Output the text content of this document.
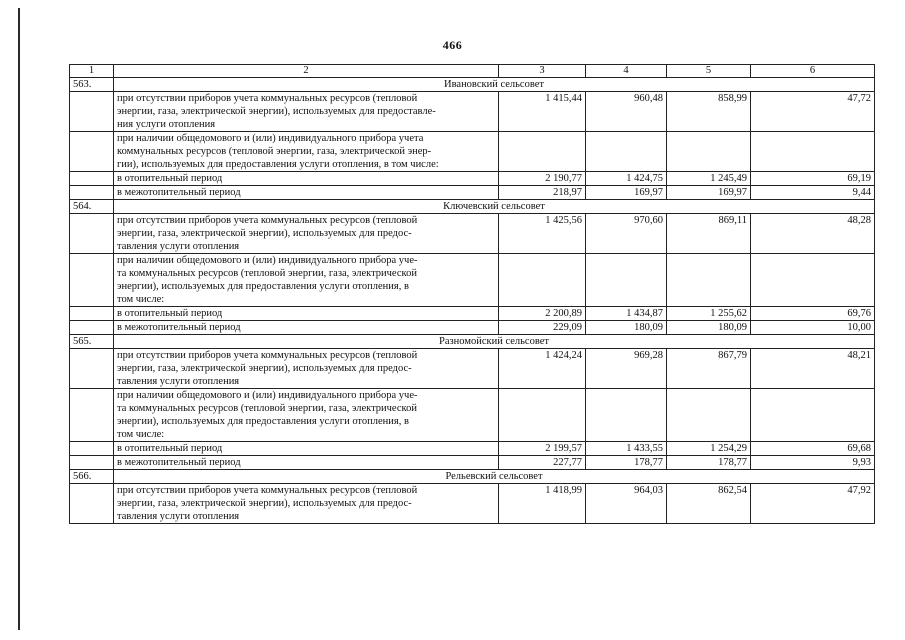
466
1	2	3	4	5	6
563.	Ивановский сельсовет				

	при отсутствии приборов учета коммунальных ресурсов (тепловой
энергии, газа, электрической энергии), используемых для предоставле-
ния услуги отопления	1 415,44	960,48	858,99	47,72

	при наличии общедомового и (или) индивидуального прибора учета
коммунальных ресурсов (тепловой энергии, газа, электрической энер-
гии), используемых для предоставления услуги отопления, в том числе:				

	в отопительный период	2 190,77	1 424,75	1 245,49	69,19

	в межотопительный период	218,97	169,97	169,97	9,44
564.	Ключевский сельсовет				

	при отсутствии приборов учета коммунальных ресурсов (тепловой
энергии, газа, электрической энергии), используемых для предос-
тавления услуги отопления	1 425,56	970,60	869,11	48,28

	при наличии общедомового и (или) индивидуального прибора уче-
та коммунальных ресурсов (тепловой энергии, газа, электрической
энергии), используемых для предоставления услуги отопления, в
том числе:				

	в отопительный период	2 200,89	1 434,87	1 255,62	69,76

	в межотопительный период	229,09	180,09	180,09	10,00
565.	Разномойский сельсовет				

	при отсутствии приборов учета коммунальных ресурсов (тепловой
энергии, газа, электрической энергии), используемых для предос-
тавления услуги отопления	1 424,24	969,28	867,79	48,21

	при наличии общедомового и (или) индивидуального прибора уче-
та коммунальных ресурсов (тепловой энергии, газа, электрической
энергии), используемых для предоставления услуги отопления, в
том числе:				

	в отопительный период	2 199,57	1 433,55	1 254,29	69,68

	в межотопительный период	227,77	178,77	178,77	9,93
566.	Рельевский сельсовет				

	при отсутствии приборов учета коммунальных ресурсов (тепловой
энергии, газа, электрической энергии), используемых для предос-
тавления услуги отопления	1 418,99	964,03	862,54	47,92
